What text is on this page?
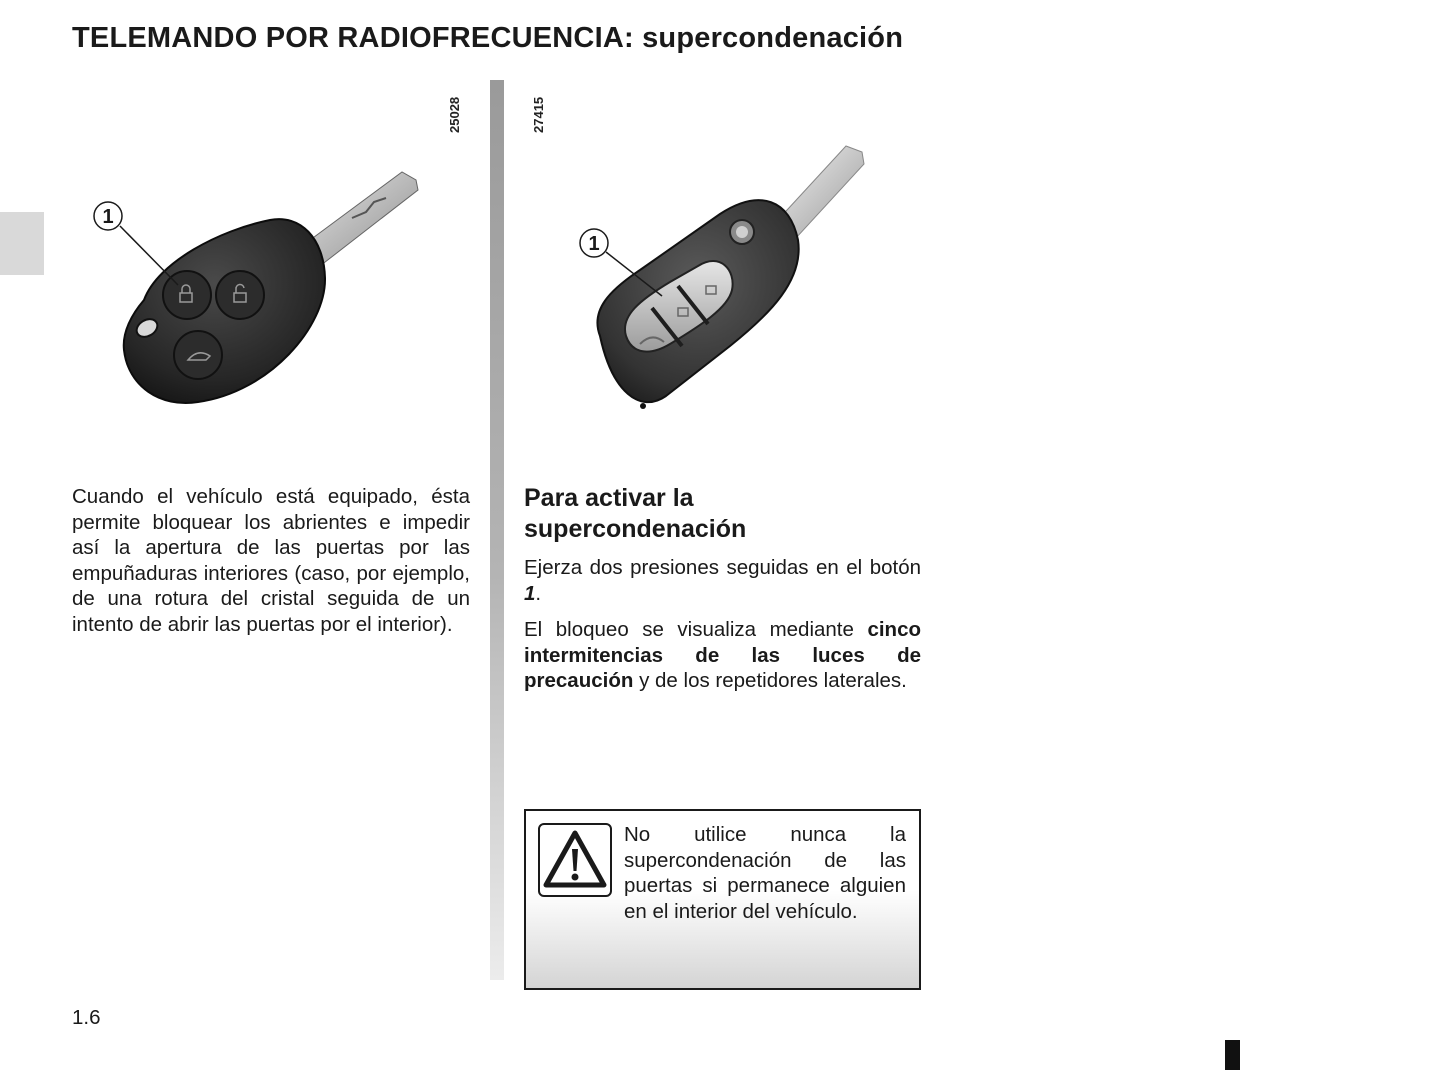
TELEMANDO POR RADIOFRECUENCIA: supercondenación
1
25028
1
27415

Cuando el vehículo está equipado, ésta permite bloquear los abrientes e impedir así la apertura de las puertas por las empuñaduras interiores (caso, por ejemplo, de una rotura del cristal seguida de un intento de abrir las puertas por el interior).

Para activar la
supercondenación

Ejerza dos presiones seguidas en el botón 1.

El bloqueo se visualiza mediante cinco intermitencias de las luces de precaución y de los repetidores laterales.

No utilice nunca la supercondenación de las puertas si permanece alguien en el interior del vehículo.
1.6
